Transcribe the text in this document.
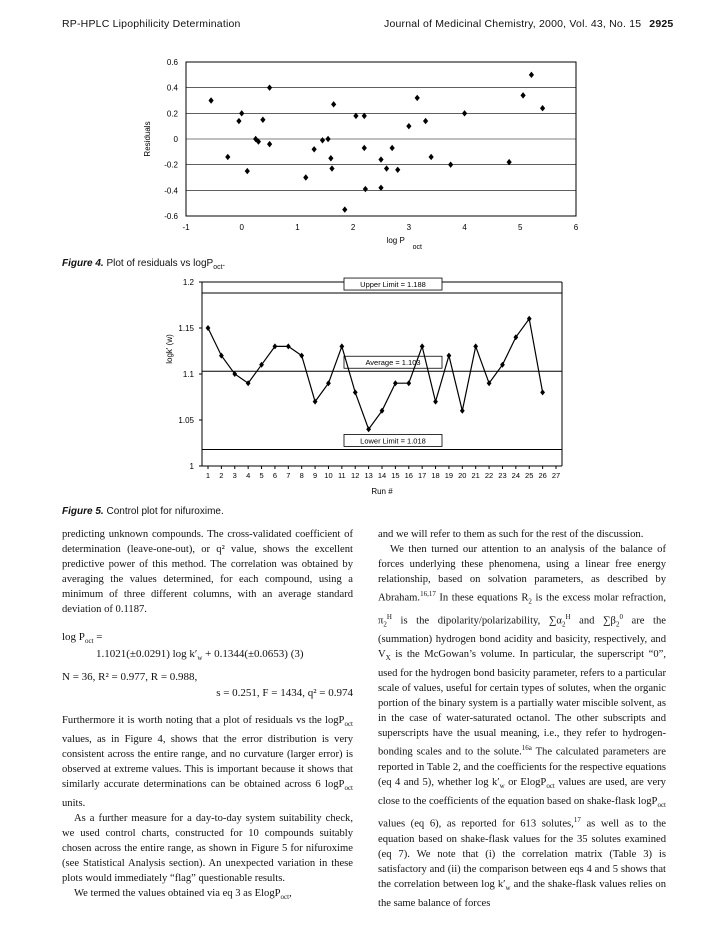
RP-HPLC Lipophilicity Determination	Journal of Medicinal Chemistry, 2000, Vol. 43, No. 15 2925
0.6
0.4
0.2
0
-0.2
-0.4
-0.6
-1	0	1	2	3	4	5	6
Residuals
log P
oct
Figure 4. Plot of residuals vs logP$_{oct}$.
1.2
1.15
1.1
1.05
1
Upper Limit = 1.188
Average = 1.103
Lower Limit = 1.018
1 2 3 4 5 6 7 8 9 10 11 12 13 14 15 16 17 18 19 20 21 22 23 24 25 26 27
Run #
logk' (w)
Figure 5. Control plot for nifuroxime.

predicting unknown compounds. The cross-validated coefficient of determination (leave-one-out), or q² value, shows the excellent predictive power of this method. The correlation was obtained by averaging the values determined, for each compound, using a minimum of three different columns, with an average standard deviation of 0.1187.

$\log P_{oct}$ =
1.1021(±0.0291) $\log k'_w + 0.1344(\pm 0.0653)$ (3)
N = 36, R² = 0.977, R = 0.988,
s = 0.251, F = 1434, q² = 0.974

Furthermore it is worth noting that a plot of residuals vs the logP$_{oct}$ values, as in Figure 4, shows that the error distribution is very consistent across the entire range, and no curvature (larger error) is observed at extreme values. This is important because it shows that similarly accurate determinations can be obtained across 6 logP$_{oct}$ units.

As a further measure for a day-to-day system suitability check, we used control charts, constructed for 10 compounds suitably chosen across the entire range, as shown in Figure 5 for nifuroxime (see Statistical Analysis section). An unexpected variation in these plots would immediately “flag” questionable results.

We termed the values obtained via eq 3 as ElogP$_{oct}$,

and we will refer to them as such for the rest of the discussion.

We then turned our attention to an analysis of the balance of forces underlying these phenomena, using a linear free energy relationship, based on solvation parameters, as described by Abraham.$^{16,17}$ In these equations $R_2$ is the excess molar refraction, $\pi_2^H$ is the dipolarity/polarizability, $\sum\alpha_2^H$ and $\sum\beta_2^0$ are the (summation) hydrogen bond acidity and basicity, respectively, and $V_X$ is the McGowan’s volume. In particular, the superscript “0”, used for the hydrogen bond basicity parameter, refers to a particular scale of values, useful for certain types of solutes, when the organic portion of the binary system is a partially water miscible solvent, as in the case of water-saturated octanol. The other subscripts and superscripts have the usual meaning, i.e., they refer to hydrogen-bonding scales and to the solute.$^{16a}$ The calculated parameters are reported in Table 2, and the coefficients for the respective equations (eq 4 and 5), whether $\log k'_w$ or ElogP$_{oct}$ values are used, are very close to the coefficients of the equation based on shake-flask logP$_{oct}$ values (eq 6), as reported for 613 solutes,$^{17}$ as well as to the equation based on shake-flask values for the 35 solutes examined (eq 7). We note that (i) the correlation matrix (Table 3) is satisfactory and (ii) the comparison between eqs 4 and 5 shows that the correlation between $\log k'_w$ and the shake-flask values relies on the same balance of forces
